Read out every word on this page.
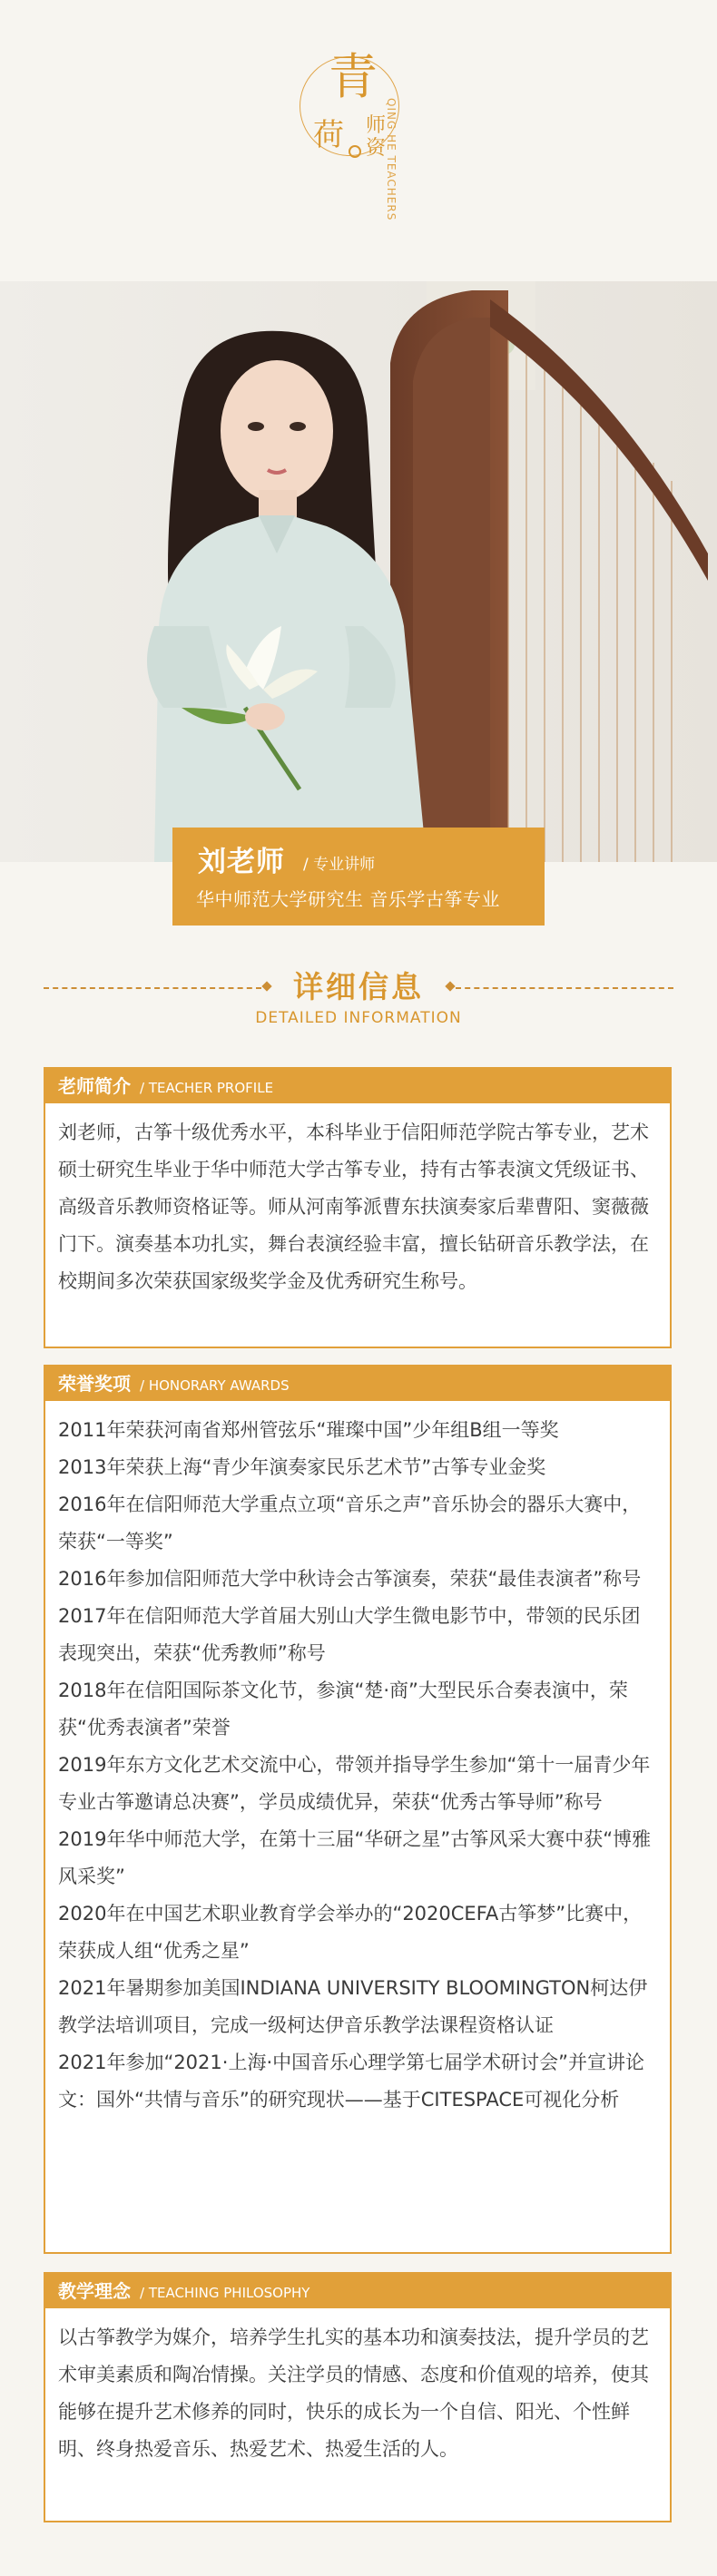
青
荷 师
资 QING HE TEACHERS
刘老师 / 专业讲师
华中师范大学研究生 音乐学古筝专业
详细信息
DETAILED INFORMATION
老师简介 / TEACHER PROFILE
刘老师，古筝十级优秀水平，本科毕业于信阳师范学院古筝专业，艺术硕士研究生毕业于华中师范大学古筝专业，持有古筝表演文凭级证书、高级音乐教师资格证等。师从河南筝派曹东扶演奏家后辈曹阳、窦薇薇门下。演奏基本功扎实，舞台表演经验丰富，擅长钻研音乐教学法，在校期间多次荣获国家级奖学金及优秀研究生称号。
荣誉奖项 / HONORARY AWARDS

2011年荣获河南省郑州管弦乐“璀璨中国”少年组B组一等奖

2013年荣获上海“青少年演奏家民乐艺术节”古筝专业金奖

2016年在信阳师范大学重点立项“音乐之声”音乐协会的器乐大赛中，荣获“一等奖”

2016年参加信阳师范大学中秋诗会古筝演奏，荣获“最佳表演者”称号

2017年在信阳师范大学首届大别山大学生微电影节中，带领的民乐团表现突出，荣获“优秀教师”称号

2018年在信阳国际茶文化节，参演“楚·商”大型民乐合奏表演中，荣获“优秀表演者”荣誉

2019年东方文化艺术交流中心，带领并指导学生参加“第十一届青少年专业古筝邀请总决赛”，学员成绩优异，荣获“优秀古筝导师”称号

2019年华中师范大学，在第十三届“华研之星”古筝风采大赛中获“博雅风采奖”

2020年在中国艺术职业教育学会举办的“2020CEFA古筝梦”比赛中，荣获成人组“优秀之星”

2021年暑期参加美国INDIANA UNIVERSITY BLOOMINGTON柯达伊教学法培训项目，完成一级柯达伊音乐教学法课程资格认证

2021年参加“2021·上海·中国音乐心理学第七届学术研讨会”并宣讲论文：国外“共情与音乐”的研究现状——基于CITESPACE可视化分析

教学理念 / TEACHING PHILOSOPHY
以古筝教学为媒介，培养学生扎实的基本功和演奏技法，提升学员的艺术审美素质和陶冶情操。关注学员的情感、态度和价值观的培养，使其能够在提升艺术修养的同时，快乐的成长为一个自信、阳光、个性鲜明、终身热爱音乐、热爱艺术、热爱生活的人。
